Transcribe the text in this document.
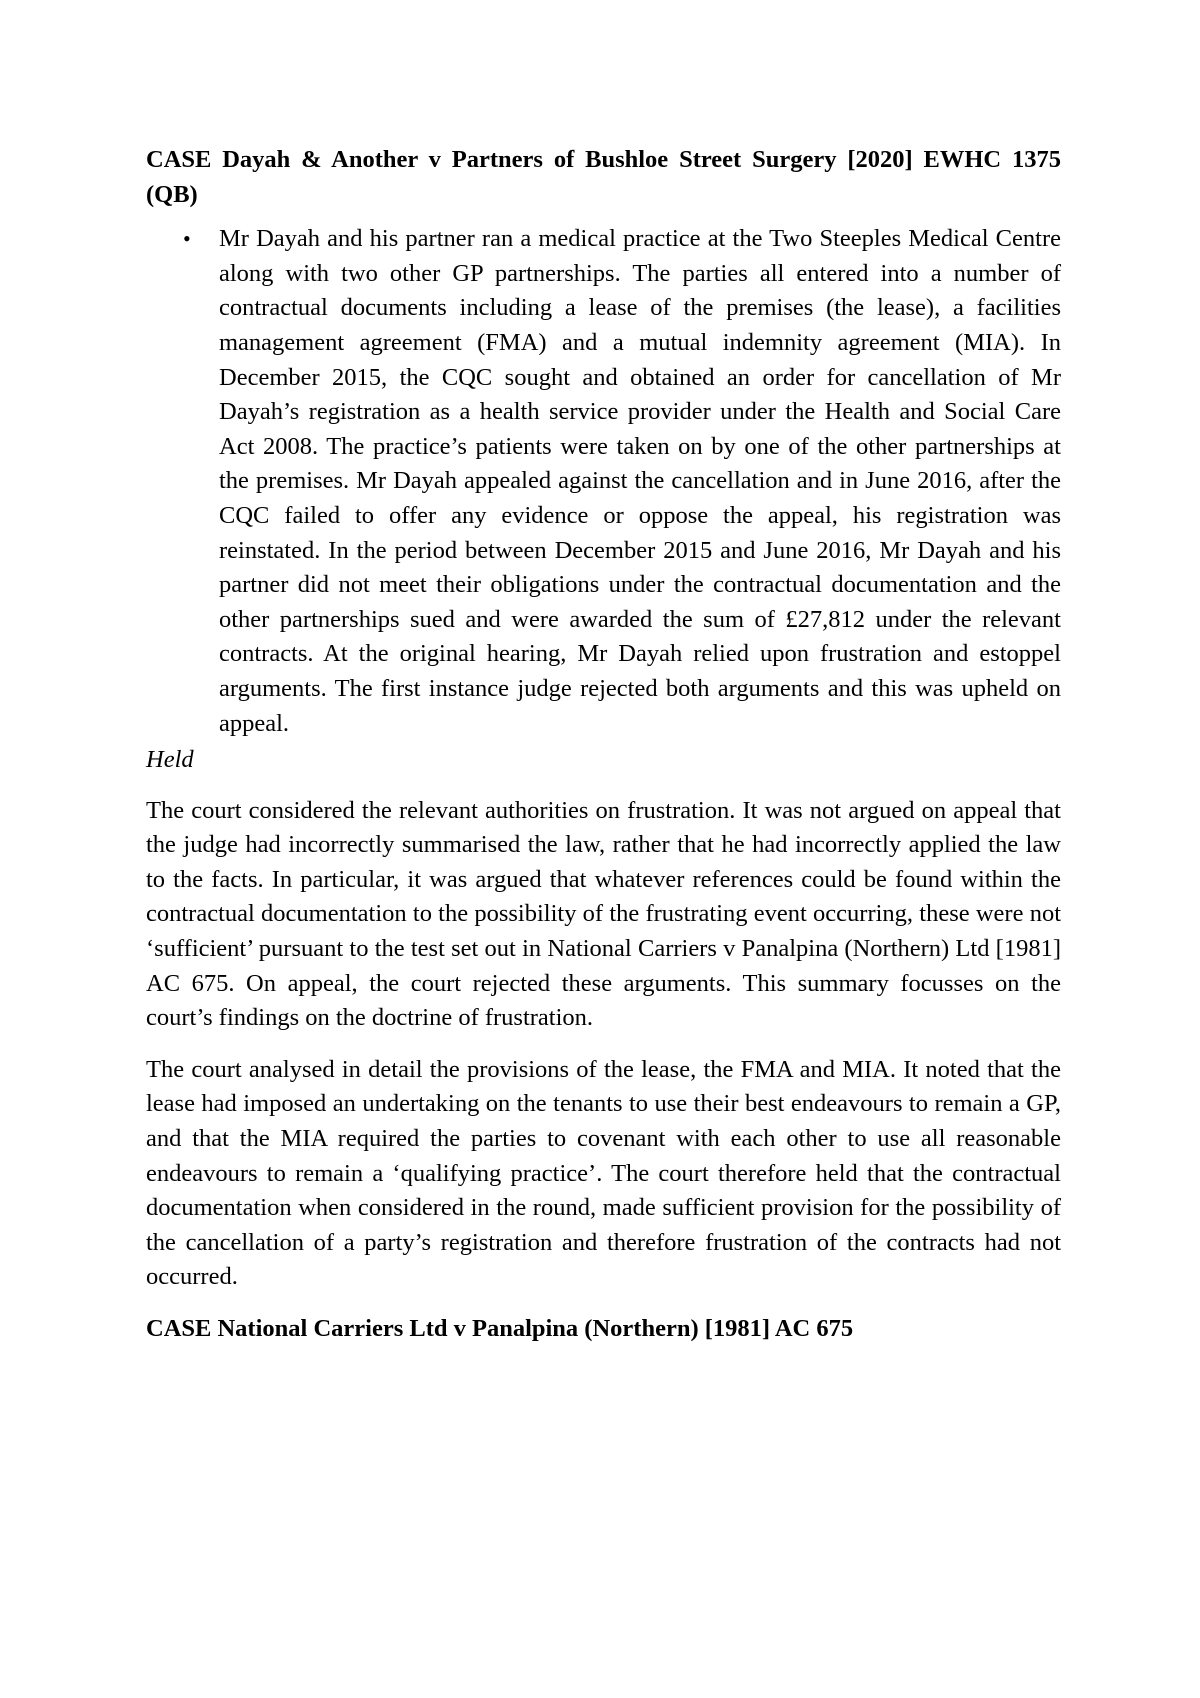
CASE Dayah & Another v Partners of Bushloe Street Surgery [2020] EWHC 1375 (QB)
• Mr Dayah and his partner ran a medical practice at the Two Steeples Medical Centre along with two other GP partnerships. The parties all entered into a number of contractual documents including a lease of the premises (the lease), a facilities management agreement (FMA) and a mutual indemnity agreement (MIA). In December 2015, the CQC sought and obtained an order for cancellation of Mr Dayah’s registration as a health service provider under the Health and Social Care Act 2008. The practice’s patients were taken on by one of the other partnerships at the premises. Mr Dayah appealed against the cancellation and in June 2016, after the CQC failed to offer any evidence or oppose the appeal, his registration was reinstated. In the period between December 2015 and June 2016, Mr Dayah and his partner did not meet their obligations under the contractual documentation and the other partnerships sued and were awarded the sum of £27,812 under the relevant contracts. At the original hearing, Mr Dayah relied upon frustration and estoppel arguments. The first instance judge rejected both arguments and this was upheld on appeal.
Held

The court considered the relevant authorities on frustration. It was not argued on appeal that the judge had incorrectly summarised the law, rather that he had incorrectly applied the law to the facts. In particular, it was argued that whatever references could be found within the contractual documentation to the possibility of the frustrating event occurring, these were not ‘sufficient’ pursuant to the test set out in National Carriers v Panalpina (Northern) Ltd [1981] AC 675. On appeal, the court rejected these arguments. This summary focusses on the court’s findings on the doctrine of frustration.

The court analysed in detail the provisions of the lease, the FMA and MIA. It noted that the lease had imposed an undertaking on the tenants to use their best endeavours to remain a GP, and that the MIA required the parties to covenant with each other to use all reasonable endeavours to remain a ‘qualifying practice’. The court therefore held that the contractual documentation when considered in the round, made sufficient provision for the possibility of the cancellation of a party’s registration and therefore frustration of the contracts had not occurred.

CASE National Carriers Ltd v Panalpina (Northern) [1981] AC 675
